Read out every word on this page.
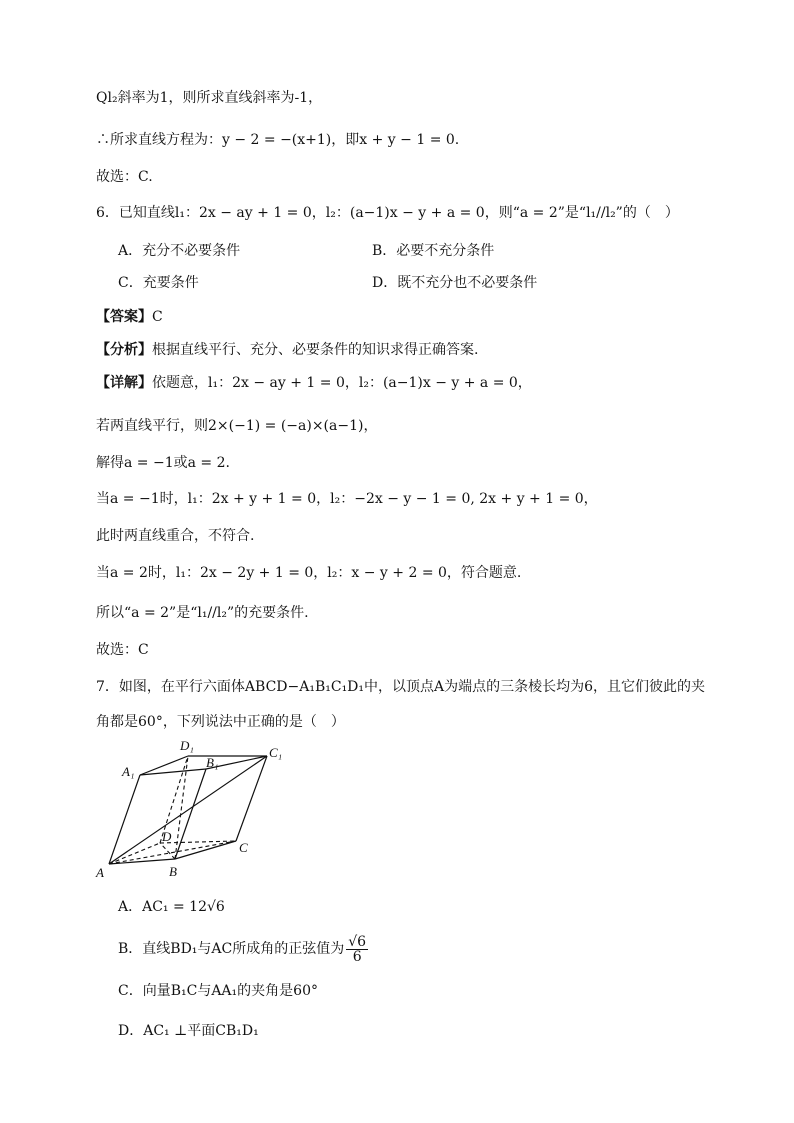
Ql₂斜率为1，则所求直线斜率为-1，
∴所求直线方程为：y − 2 = −(x+1)，即x + y − 1 = 0.
故选：C.
6．已知直线l₁：2x − ay + 1 = 0，l₂：(a−1)x − y + a = 0，则“a = 2”是“l₁//l₂”的（　）
A．充分不必要条件	B．必要不充分条件
C．充要条件	D．既不充分也不必要条件
【答案】C
【分析】根据直线平行、充分、必要条件的知识求得正确答案.
【详解】依题意，l₁：2x − ay + 1 = 0，l₂：(a−1)x − y + a = 0，
若两直线平行，则2×(−1) = (−a)×(a−1)，
解得a = −1或a = 2.
当a = −1时，l₁：2x + y + 1 = 0，l₂：−2x − y − 1 = 0, 2x + y + 1 = 0，
此时两直线重合，不符合.
当a = 2时，l₁：2x − 2y + 1 = 0，l₂：x − y + 2 = 0，符合题意.
所以“a = 2”是“l₁//l₂”的充要条件.
故选：C
7．如图，在平行六面体ABCD−A₁B₁C₁D₁中，以顶点A为端点的三条棱长均为6，且它们彼此的夹
角都是60°，下列说法中正确的是（　）
A	B
C
D
A₁
B₁
C₁
D₁
A．AC₁ = 12√6
B．直线BD₁与AC所成角的正弦值为 $\frac{√6}{6}$
C．向量B₁C与AA₁的夹角是60°
D．AC₁ ⊥平面CB₁D₁
